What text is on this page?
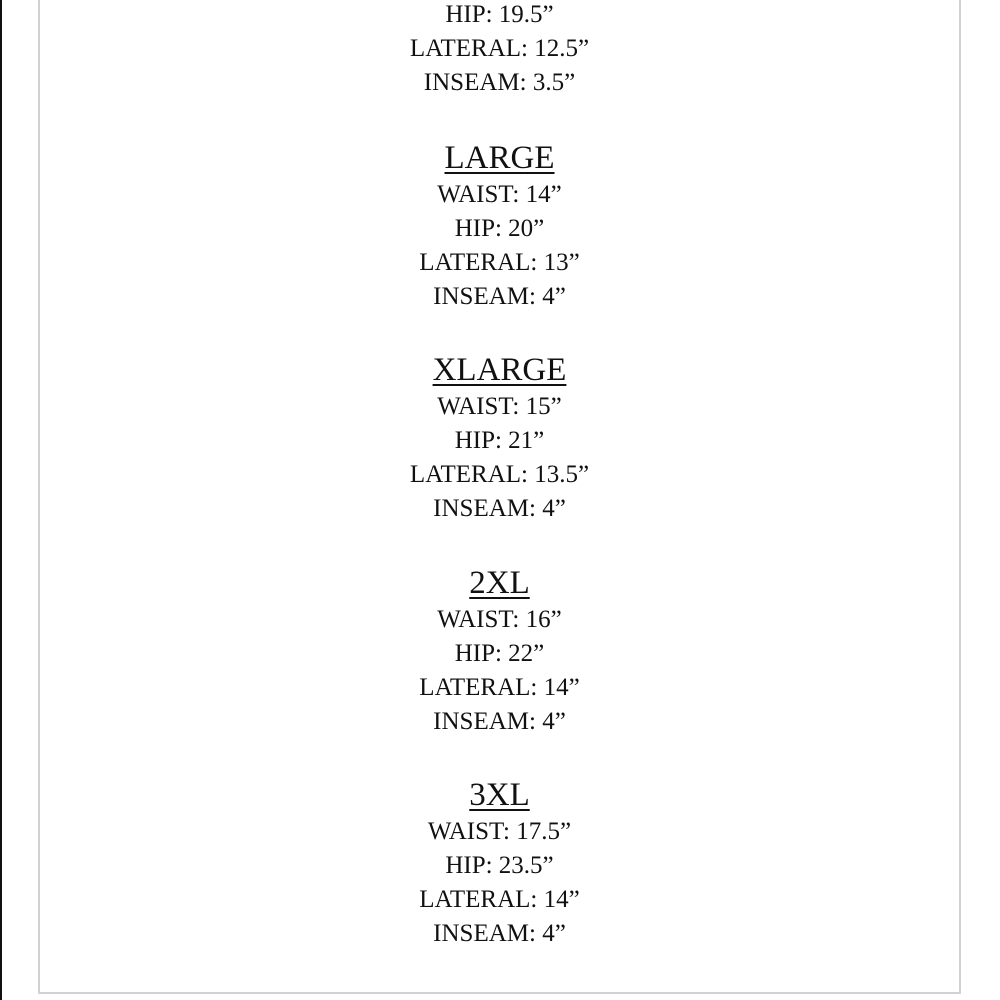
HIP: 19.5”
LATERAL: 12.5”
INSEAM: 3.5”
LARGE
WAIST: 14”
HIP: 20”
LATERAL: 13”
INSEAM: 4”
XLARGE
WAIST: 15”
HIP: 21”
LATERAL: 13.5”
INSEAM: 4”
2XL
WAIST: 16”
HIP: 22”
LATERAL: 14”
INSEAM: 4”
3XL
WAIST: 17.5”
HIP: 23.5”
LATERAL: 14”
INSEAM: 4”
